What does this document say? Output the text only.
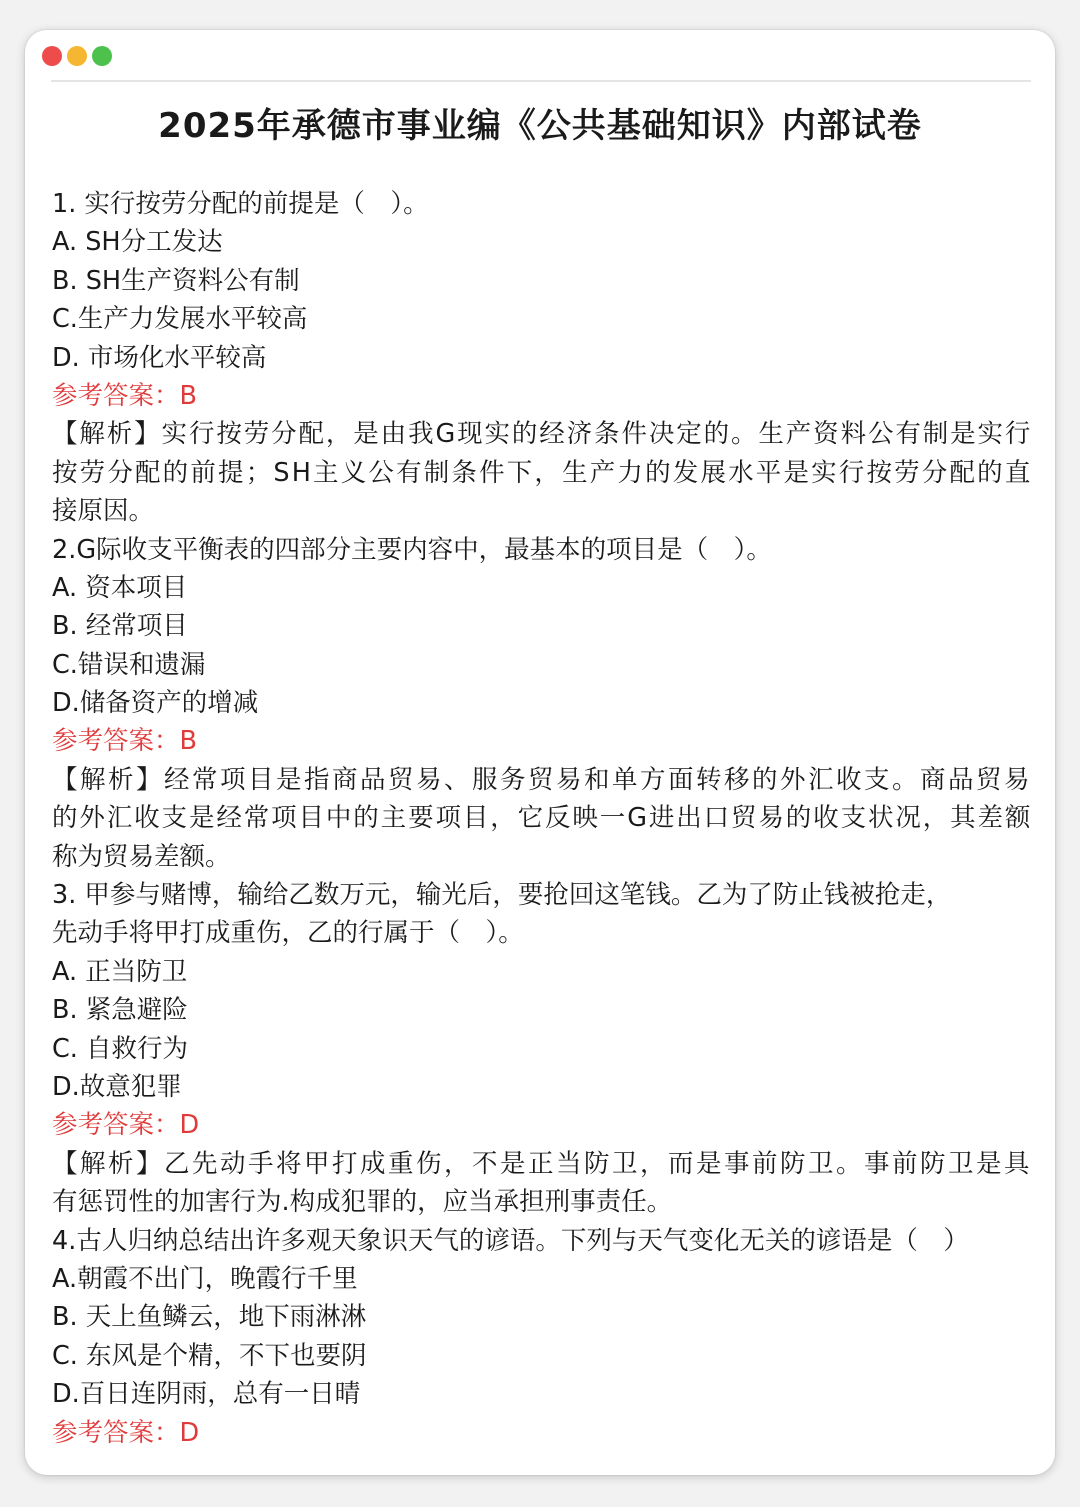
2025年承德市事业编《公共基础知识》内部试卷
1. 实行按劳分配的前提是（　）。
A. SH分工发达
B. SH生产资料公有制
C.生产力发展水平较高
D. 市场化水平较高
参考答案：B
【解析】实行按劳分配，是由我G现实的经济条件决定的。生产资料公有制是实行
按劳分配的前提；SH主义公有制条件下，生产力的发展水平是实行按劳分配的直
接原因。
2.G际收支平衡表的四部分主要内容中，最基本的项目是（　）。
A. 资本项目
B. 经常项目
C.错误和遗漏
D.储备资产的增减
参考答案：B
【解析】经常项目是指商品贸易、服务贸易和单方面转移的外汇收支。商品贸易
的外汇收支是经常项目中的主要项目，它反映一G进出口贸易的收支状况，其差额
称为贸易差额。
3. 甲参与赌博，输给乙数万元，输光后，要抢回这笔钱。乙为了防止钱被抢走，
先动手将甲打成重伤，乙的行属于（　）。
A. 正当防卫
B. 紧急避险
C. 自救行为
D.故意犯罪
参考答案：D
【解析】乙先动手将甲打成重伤，不是正当防卫，而是事前防卫。事前防卫是具
有惩罚性的加害行为.构成犯罪的，应当承担刑事责任。
4.古人归纳总结出许多观天象识天气的谚语。下列与天气变化无关的谚语是（　）
A.朝霞不出门，晚霞行千里
B. 天上鱼鳞云，地下雨淋淋
C. 东风是个精，不下也要阴
D.百日连阴雨，总有一日晴
参考答案：D
